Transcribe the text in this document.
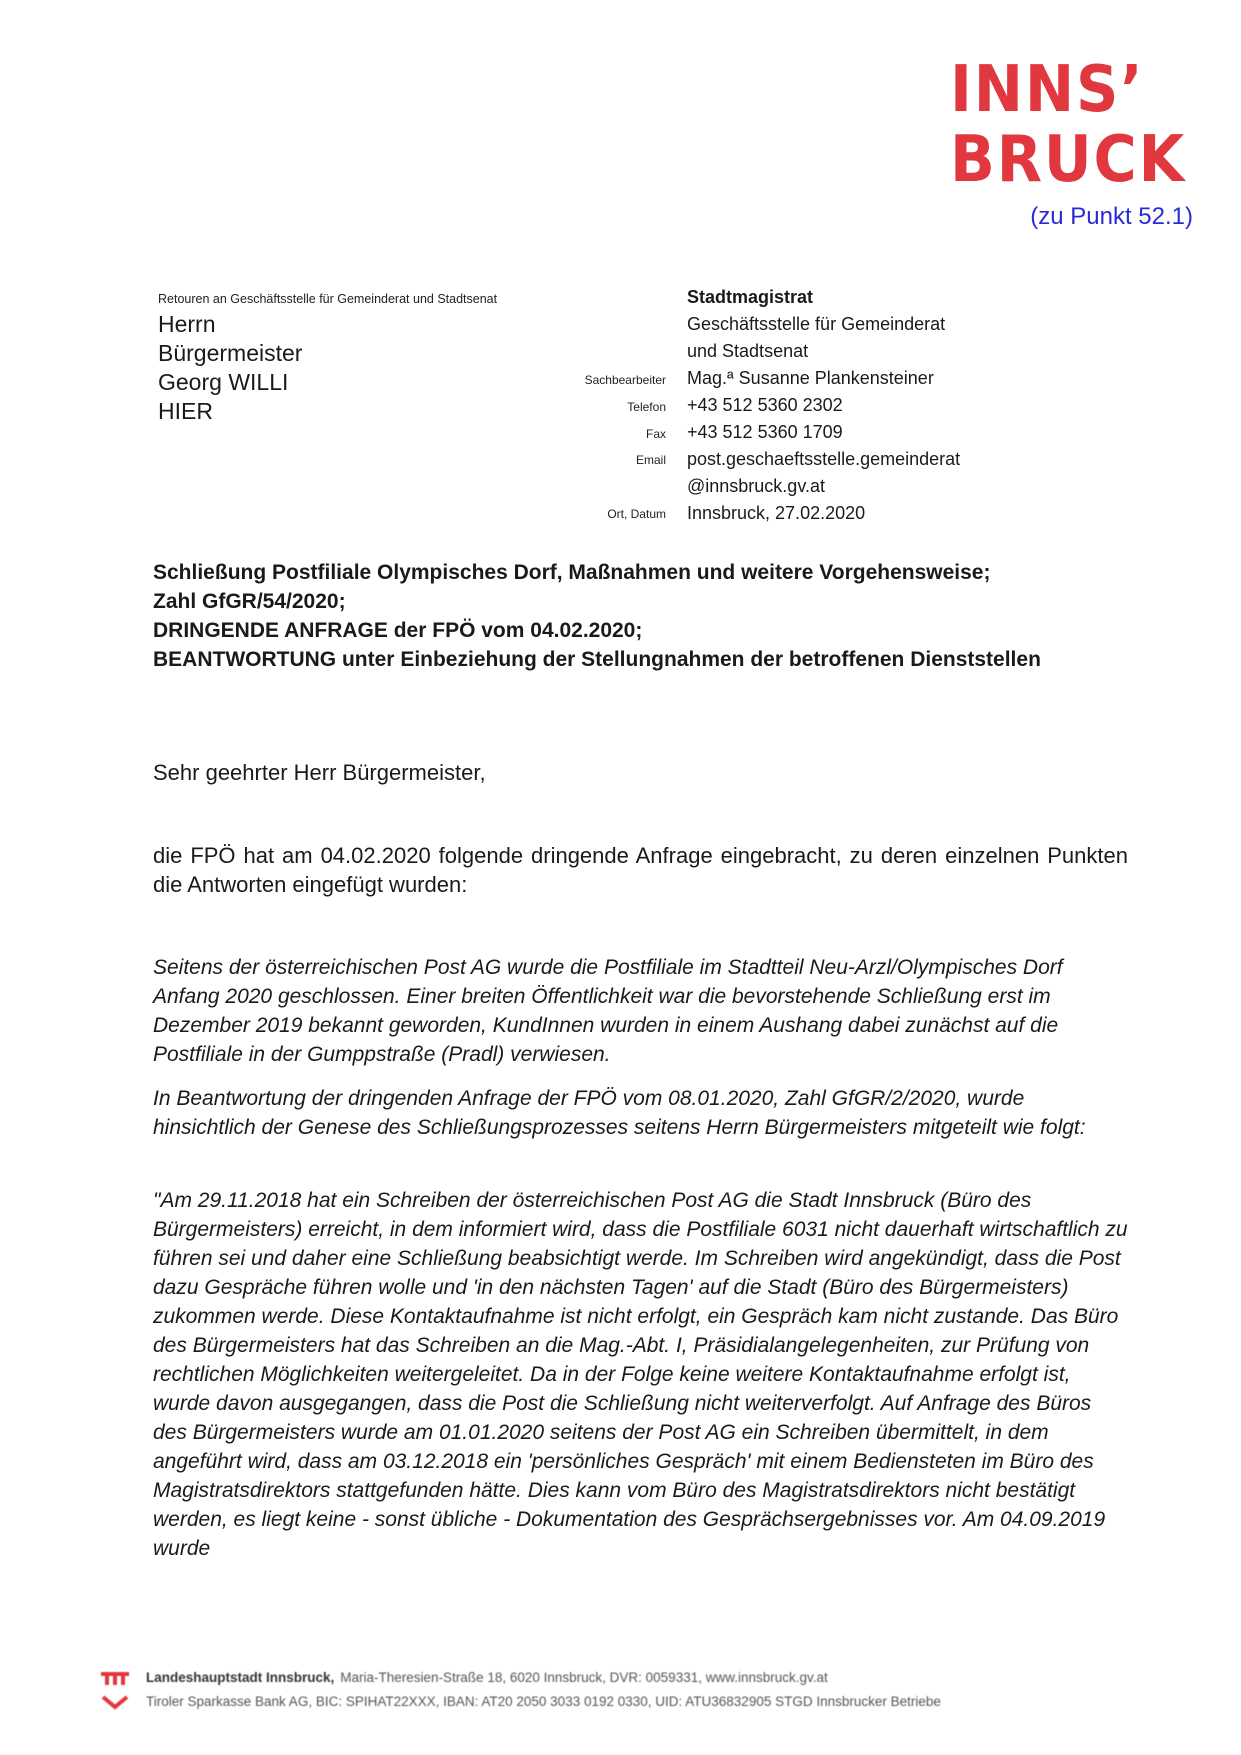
INNS’
BRUCK
(zu Punkt 52.1)
Retouren an Geschäftsstelle für Gemeinderat und Stadtsenat
Herrn
Bürgermeister
Georg WILLI
HIER
Sachbearbeiter
Telefon
Fax
Email
Ort, Datum
Stadtmagistrat
Geschäftsstelle für Gemeinderat
und Stadtsenat
Mag.ª Susanne Plankensteiner
+43 512 5360 2302
+43 512 5360 1709
post.geschaeftsstelle.gemeinderat
@innsbruck.gv.at
Innsbruck, 27.02.2020
Schließung Postfiliale Olympisches Dorf, Maßnahmen und weitere Vorgehensweise;
Zahl GfGR/54/2020;
DRINGENDE ANFRAGE der FPÖ vom 04.02.2020;
BEANTWORTUNG unter Einbeziehung der Stellungnahmen der betroffenen Dienststellen
Sehr geehrter Herr Bürgermeister,
die FPÖ hat am 04.02.2020 folgende dringende Anfrage eingebracht, zu deren einzelnen Punkten die Antworten eingefügt wurden:
Seitens der österreichischen Post AG wurde die Postfiliale im Stadtteil Neu-Arzl/Olympisches Dorf Anfang 2020 geschlossen. Einer breiten Öffentlichkeit war die bevorstehende Schließung erst im Dezember 2019 bekannt geworden, KundInnen wurden in einem Aushang dabei zunächst auf die Postfiliale in der Gumppstraße (Pradl) verwiesen.
In Beantwortung der dringenden Anfrage der FPÖ vom 08.01.2020, Zahl GfGR/2/2020, wurde hinsichtlich der Genese des Schließungsprozesses seitens Herrn Bürgermeisters mitgeteilt wie folgt:
"Am 29.11.2018 hat ein Schreiben der österreichischen Post AG die Stadt Innsbruck (Büro des Bürgermeisters) erreicht, in dem informiert wird, dass die Postfiliale 6031 nicht dauerhaft wirtschaftlich zu führen sei und daher eine Schließung beabsichtigt werde. Im Schreiben wird angekündigt, dass die Post dazu Gespräche führen wolle und 'in den nächsten Tagen' auf die Stadt (Büro des Bürgermeisters) zukommen werde. Diese Kontaktaufnahme ist nicht erfolgt, ein Gespräch kam nicht zustande. Das Büro des Bürgermeisters hat das Schreiben an die Mag.-Abt. I, Präsidialangelegenheiten, zur Prüfung von rechtlichen Möglichkeiten weitergeleitet. Da in der Folge keine weitere Kontaktaufnahme erfolgt ist, wurde davon ausgegangen, dass die Post die Schließung nicht weiterverfolgt. Auf Anfrage des Büros des Bürgermeisters wurde am 01.01.2020 seitens der Post AG ein Schreiben übermittelt, in dem angeführt wird, dass am 03.12.2018 ein 'persönliches Gespräch' mit einem Bediensteten im Büro des Magistratsdirektors stattgefunden hätte. Dies kann vom Büro des Magistratsdirektors nicht bestätigt werden, es liegt keine - sonst übliche - Dokumentation des Gesprächsergebnisses vor. Am 04.09.2019 wurde
Landeshauptstadt Innsbruck, Maria-Theresien-Straße 18, 6020 Innsbruck, DVR: 0059331, www.innsbruck.gv.at
Tiroler Sparkasse Bank AG, BIC: SPIHAT22XXX, IBAN: AT20 2050 3033 0192 0330, UID: ATU36832905 STGD Innsbrucker Betriebe
